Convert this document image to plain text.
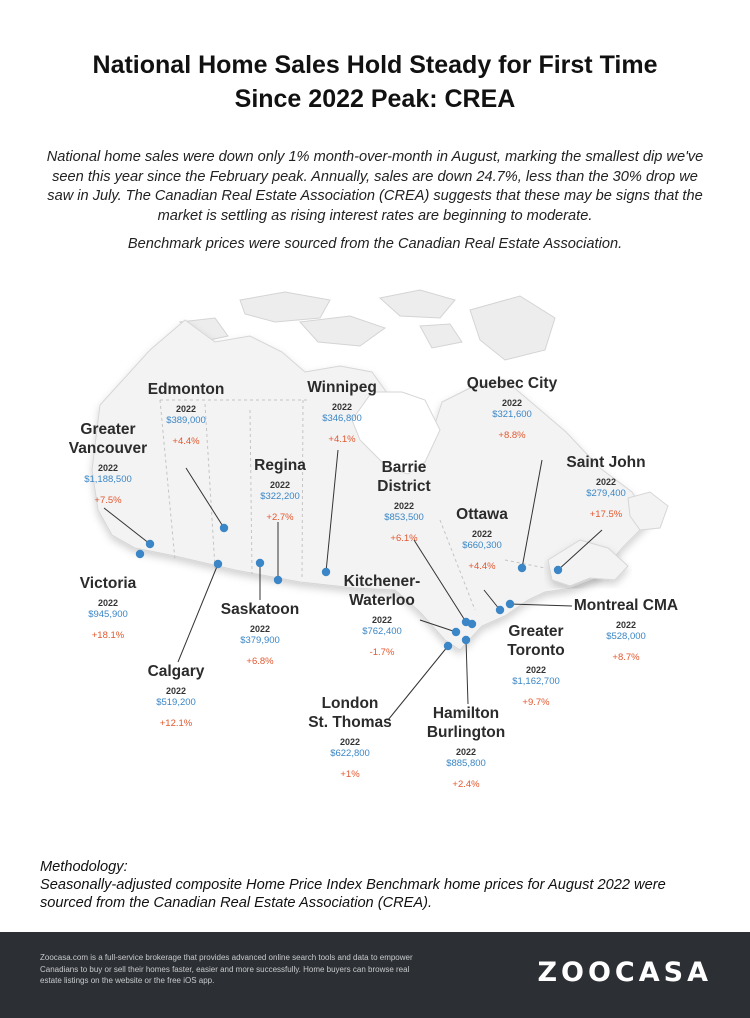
National Home Sales Hold Steady for First Time
Since 2022 Peak: CREA
National home sales were down only 1% month-over-month in August, marking the smallest dip we've seen this year since the February peak. Annually, sales are down 24.7%, less than the 30% drop we saw in July. The Canadian Real Estate Association (CREA) suggests that these may be signs that the market is settling as rising interest rates are beginning to moderate.
Benchmark prices were sourced from the Canadian Real Estate Association.
Greater
Vancouver
2022
$1,188,500
+7.5%
Victoria
2022
$945,900
+18.1%
Edmonton
2022
$389,000
+4.4%
Calgary
2022
$519,200
+12.1%
Regina
2022
$322,200
+2.7%
Saskatoon
2022
$379,900
+6.8%
Winnipeg
2022
$346,800
+4.1%
Barrie
District
2022
$853,500
+6.1%
Kitchener-
Waterloo
2022
$762,400
-1.7%
London
St. Thomas
2022
$622,800
+1%
Hamilton
Burlington
2022
$885,800
+2.4%
Greater
Toronto
2022
$1,162,700
+9.7%
Ottawa
2022
$660,300
+4.4%
Montreal CMA
2022
$528,000
+8.7%
Quebec City
2022
$321,600
+8.8%
Saint John
2022
$279,400
+17.5%
Methodology:
Seasonally-adjusted composite Home Price Index Benchmark home prices for August 2022 were sourced from the Canadian Real Estate Association (CREA).
Zoocasa.com is a full-service brokerage that provides advanced online search tools and data to empower Canadians to buy or sell their homes faster, easier and more successfully. Home buyers can browse real estate listings on the website or the free iOS app.	ZOOCASA
